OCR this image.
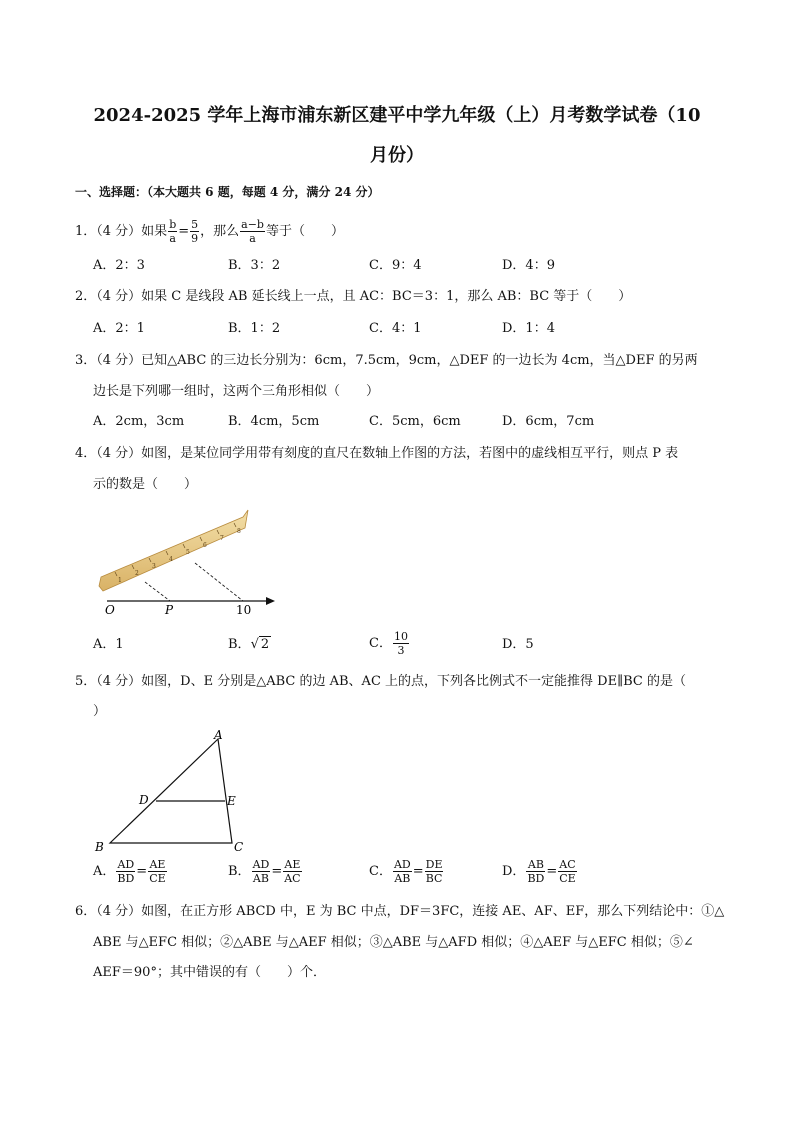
2024-2025 学年上海市浦东新区建平中学九年级（上）月考数学试卷（10
月份）
一、选择题：（本大题共 6 题，每题 4 分，满分 24 分）
1．（4 分）如果 $\frac{b}{a} = \frac{5}{9}$ ，那么 $\frac{a-b}{a}$ 等于（　　）
A．2：3	B．3：2	C．9：4	D．4：9
2．（4 分）如果 C 是线段 AB 延长线上一点，且 AC：BC＝3：1，那么 AB：BC 等于（　　）
A．2：1	B．1：2	C．4：1	D．1：4
3．（4 分）已知△ABC 的三边长分别为：6cm，7.5cm，9cm，△DEF 的一边长为 4cm，当△DEF 的另两
边长是下列哪一组时，这两个三角形相似（　　）
A．2cm，3cm	B．4cm，5cm	C．5cm，6cm	D．6cm，7cm
4．（4 分）如图，是某位同学用带有刻度的直尺在数轴上作图的方法，若图中的虚线相互平行，则点 P 表
示的数是（　　）
1
2
3
4
5
6
7
8
O	P	10
A．1	B．√ 2	C． $\frac{10}{3}$	D．5
5．（4 分）如图，D、E 分别是△ABC 的边 AB、AC 上的点，下列各比例式不一定能推得 DE∥BC 的是（
）
A
B	C
D	E
A． $\frac{AD}{BD} = \frac{AE}{CE}$	B． $\frac{AD}{AB} = \frac{AE}{AC}$	C． $\frac{AD}{AB} = \frac{DE}{BC}$	D． $\frac{AB}{BD} = \frac{AC}{CE}$
6．（4 分）如图，在正方形 ABCD 中，E 为 BC 中点，DF＝3FC，连接 AE、AF、EF，那么下列结论中：①△
ABE 与△EFC 相似；②△ABE 与△AEF 相似；③△ABE 与△AFD 相似；④△AEF 与△EFC 相似；⑤∠
AEF＝90°；其中错误的有（　　）个．
